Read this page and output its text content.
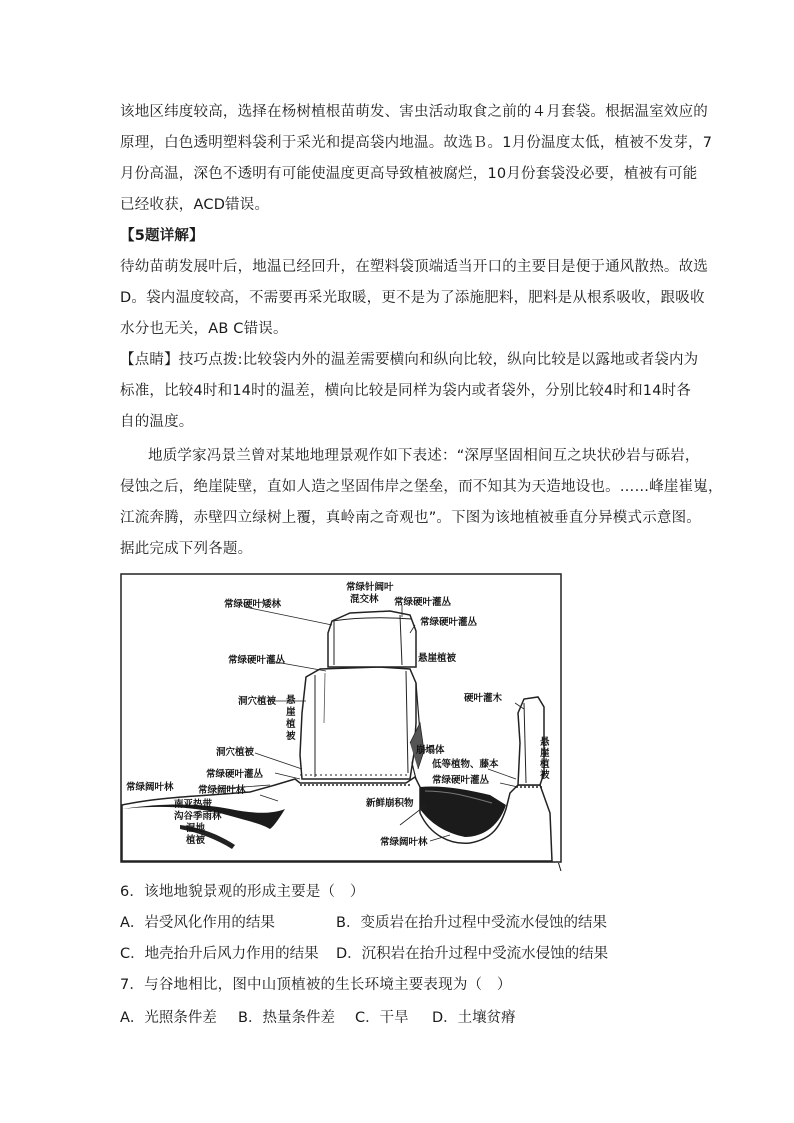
该地区纬度较高，选择在杨树植根苗萌发、害虫活动取食之前的４月套袋。根据温室效应的
原理，白色透明塑料袋利于采光和提高袋内地温。故选Ｂ。1月份温度太低，植被不发芽，7
月份高温，深色不透明有可能使温度更高导致植被腐烂，10月份套袋没必要，植被有可能
已经收获，ACD错误。
【5题详解】
待幼苗萌发展叶后，地温已经回升，在塑料袋顶端适当开口的主要目是便于通风散热。故选
D。袋内温度较高，不需要再采光取暖，更不是为了添施肥料，肥料是从根系吸收，跟吸收
水分也无关，AB C错误。
【点睛】技巧点拨:比较袋内外的温差需要横向和纵向比较，纵向比较是以露地或者袋内为
标准，比较4时和14时的温差，横向比较是同样为袋内或者袋外，分别比较4时和14时各
自的温度。
地质学家冯景兰曾对某地地理景观作如下表述：“深厚坚固相间互之块状砂岩与砾岩，
侵蚀之后，绝崖陡壁，直如人造之坚固伟岸之堡垒，而不知其为天造地设也。……峰崖崔嵬，
江流奔腾，赤壁四立绿树上覆，真岭南之奇观也”。下图为该地植被垂直分异模式示意图。
据此完成下列各题。
常绿针阔叶
混交林
常绿硬叶矮林	常绿硬叶灌丛
常绿硬叶灌丛
常绿硬叶灌丛	悬崖植被
洞穴植被 悬
崖
植
被
硬叶灌木
悬
崖
植
被
崩塌体
低等植物、藤本
洞穴植被
常绿硬叶灌丛
常绿硬叶灌丛
常绿阔叶林	常绿阔叶林
南亚热带
沟谷季雨林
湿地
植被
新鲜崩积物
常绿阔叶林
\
6．该地地貌景观的形成主要是（　）
A．岩受风化作用的结果	B．变质岩在抬升过程中受流水侵蚀的结果
C．地壳抬升后风力作用的结果 D．沉积岩在抬升过程中受流水侵蚀的结果
7．与谷地相比，图中山顶植被的生长环境主要表现为（　）
A．光照条件差 B．热量条件差 C．干旱 D．土壤贫瘠
